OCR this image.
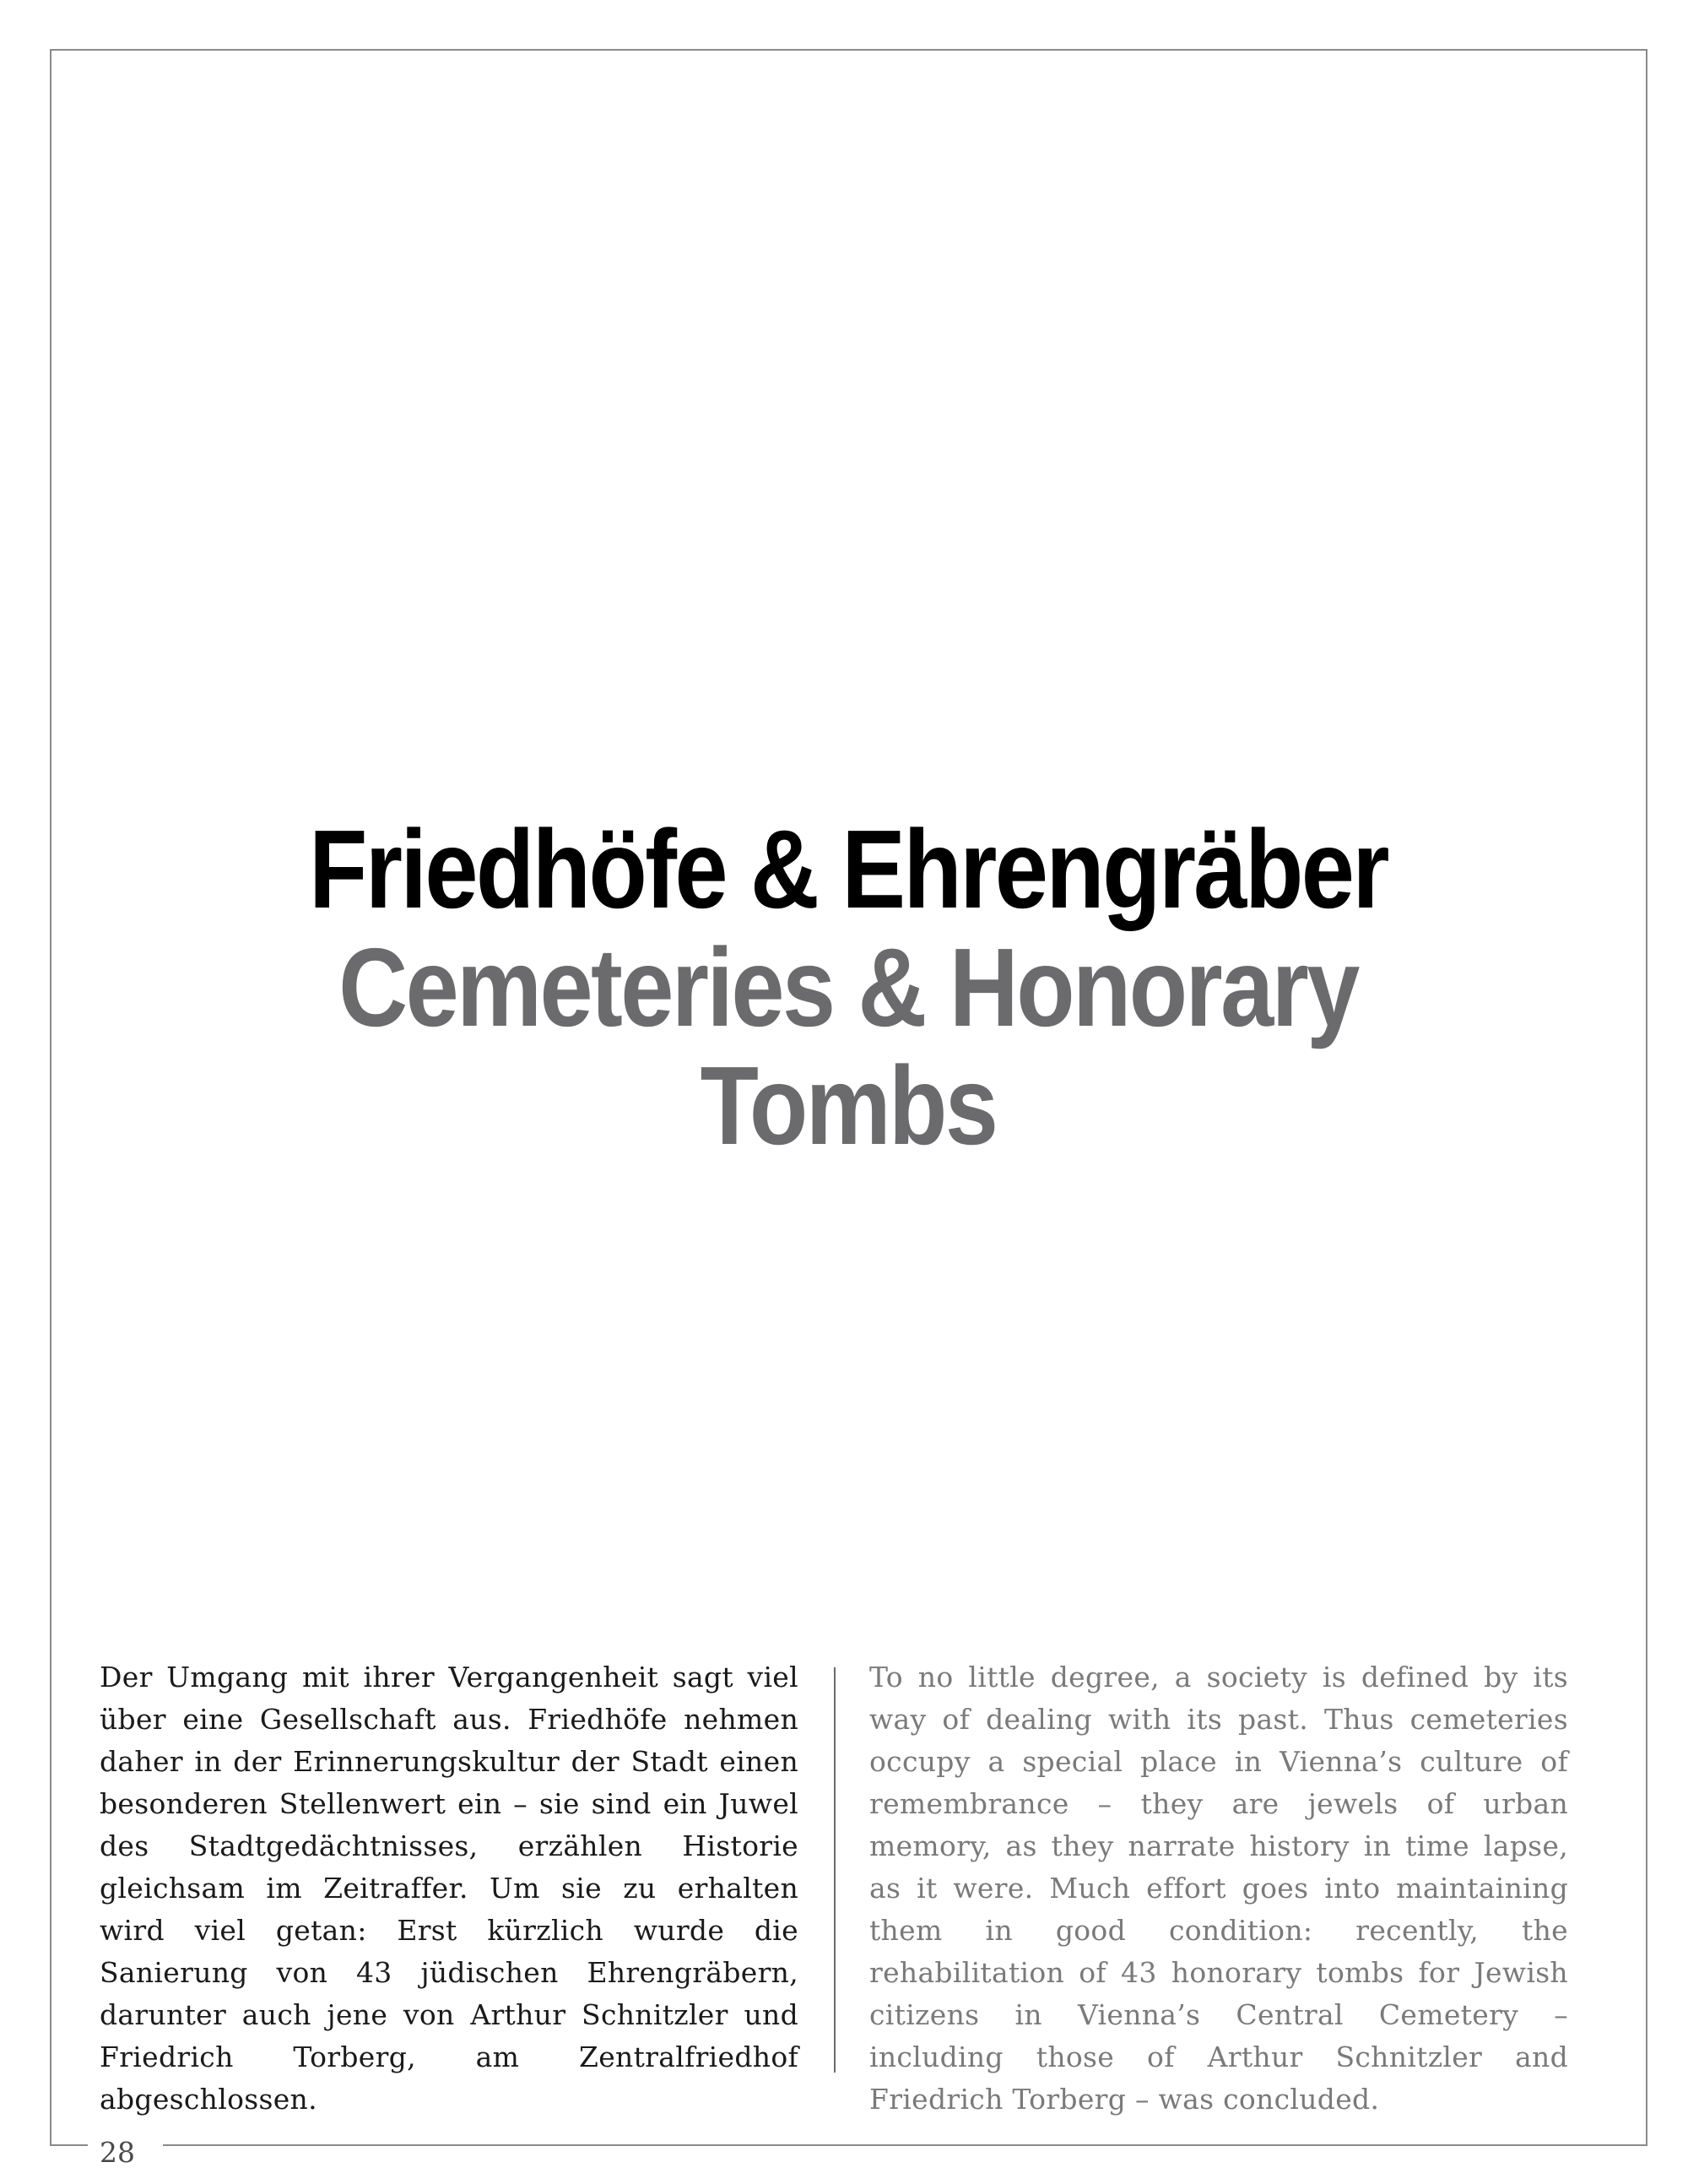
Friedhöfe & Ehrengräber
Cemeteries & Honorary Tombs

Der Umgang mit ihrer Vergangenheit sagt viel über eine Gesellschaft aus. Friedhöfe nehmen daher in der Erinnerungskultur der Stadt einen besonderen Stellenwert ein – sie sind ein Juwel des Stadtgedächtnisses, erzählen Historie gleichsam im Zeitraffer. Um sie zu erhalten wird viel getan: Erst kürzlich wurde die Sanierung von 43 jüdischen Ehrengräbern, darunter auch jene von Arthur Schnitzler und Friedrich Torberg, am Zentralfriedhof abgeschlossen.

To no little degree, a society is defined by its way of dealing with its past. Thus cemeteries occupy a special place in Vienna’s culture of remembrance – they are jewels of urban memory, as they narrate history in time lapse, as it were. Much effort goes into maintaining them in good condition: recently, the rehabilitation of 43 honorary tombs for Jewish citizens in Vienna’s Central Cemetery – including those of Arthur Schnitzler and Friedrich Torberg – was concluded.

28
